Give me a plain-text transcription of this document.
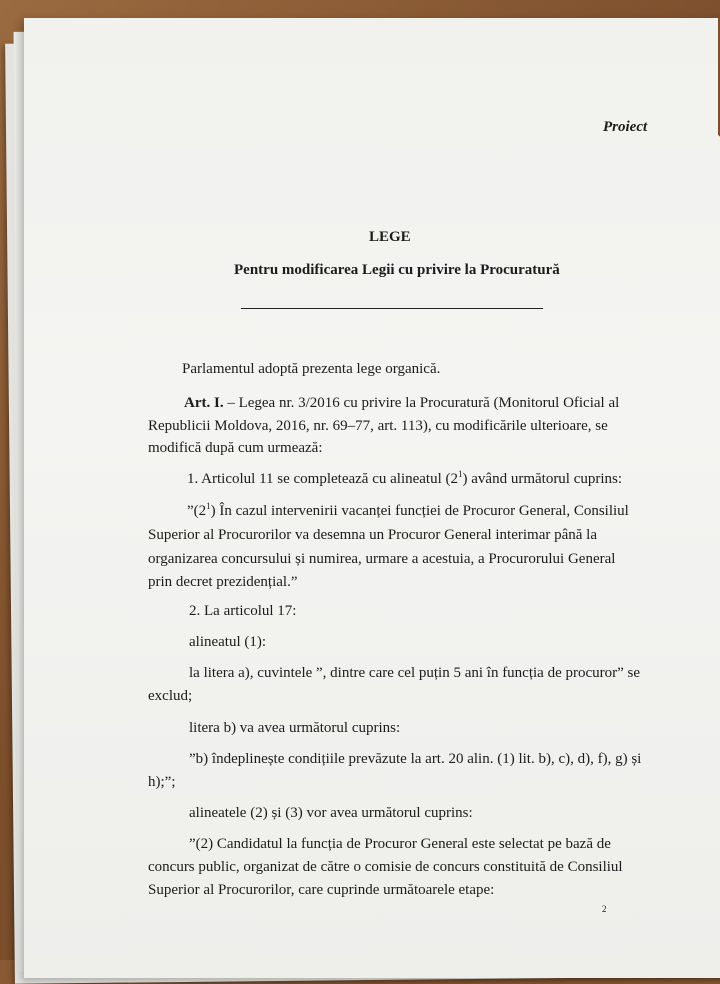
Proiect
LEGE
Pentru modificarea Legii cu privire la Procuratură
Parlamentul adoptă prezenta lege organică.
Art. I. – Legea nr. 3/2016 cu privire la Procuratură (Monitorul Oficial al
Republicii Moldova, 2016, nr. 69–77, art. 113), cu modificările ulterioare, se
modifică după cum urmează:
1. Articolul 11 se completează cu alineatul $(2^1)$ având următorul cuprins:
$”(2^1)$ În cazul intervenirii vacanței funcției de Procuror General, Consiliul
Superior al Procurorilor va desemna un Procuror General interimar până la
organizarea concursului și numirea, urmare a acestuia, a Procurorului General
prin decret prezidențial.”
2. La articolul 17:
alineatul (1):
la litera a), cuvintele ”, dintre care cel puțin 5 ani în funcția de procuror” se
exclud;
litera b) va avea următorul cuprins:
”b) îndeplinește condițiile prevăzute la art. 20 alin. (1) lit. b), c), d), f), g) și
h);”;
alineatele (2) și (3) vor avea următorul cuprins:
”(2) Candidatul la funcția de Procuror General este selectat pe bază de
concurs public, organizat de către o comisie de concurs constituită de Consiliul
Superior al Procurorilor, care cuprinde următoarele etape:
2
